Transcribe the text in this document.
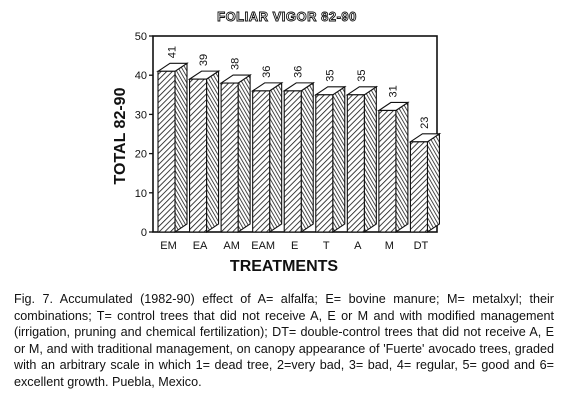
FOLIAR VIGOR 82-90
TOTAL 82-90
TREATMENTS
0
10
20
30
40
50
41
EM
39
EA
38
AM
36
EAM
36
E
35
T
35
A
31
M
23
DT

Fig. 7. Accumulated (1982-90) effect of A= alfalfa; E= bovine manure; M= metalxyl; their combinations; T= control trees that did not receive A, E or M and with modified management (irrigation, pruning and chemical fertilization); DT= double-control trees that did not receive A, E or M, and with traditional management, on canopy appearance of 'Fuerte' avocado trees, graded with an arbitrary scale in which 1= dead tree, 2=very bad, 3= bad, 4= regular, 5= good and 6= excellent growth. Puebla, Mexico.
